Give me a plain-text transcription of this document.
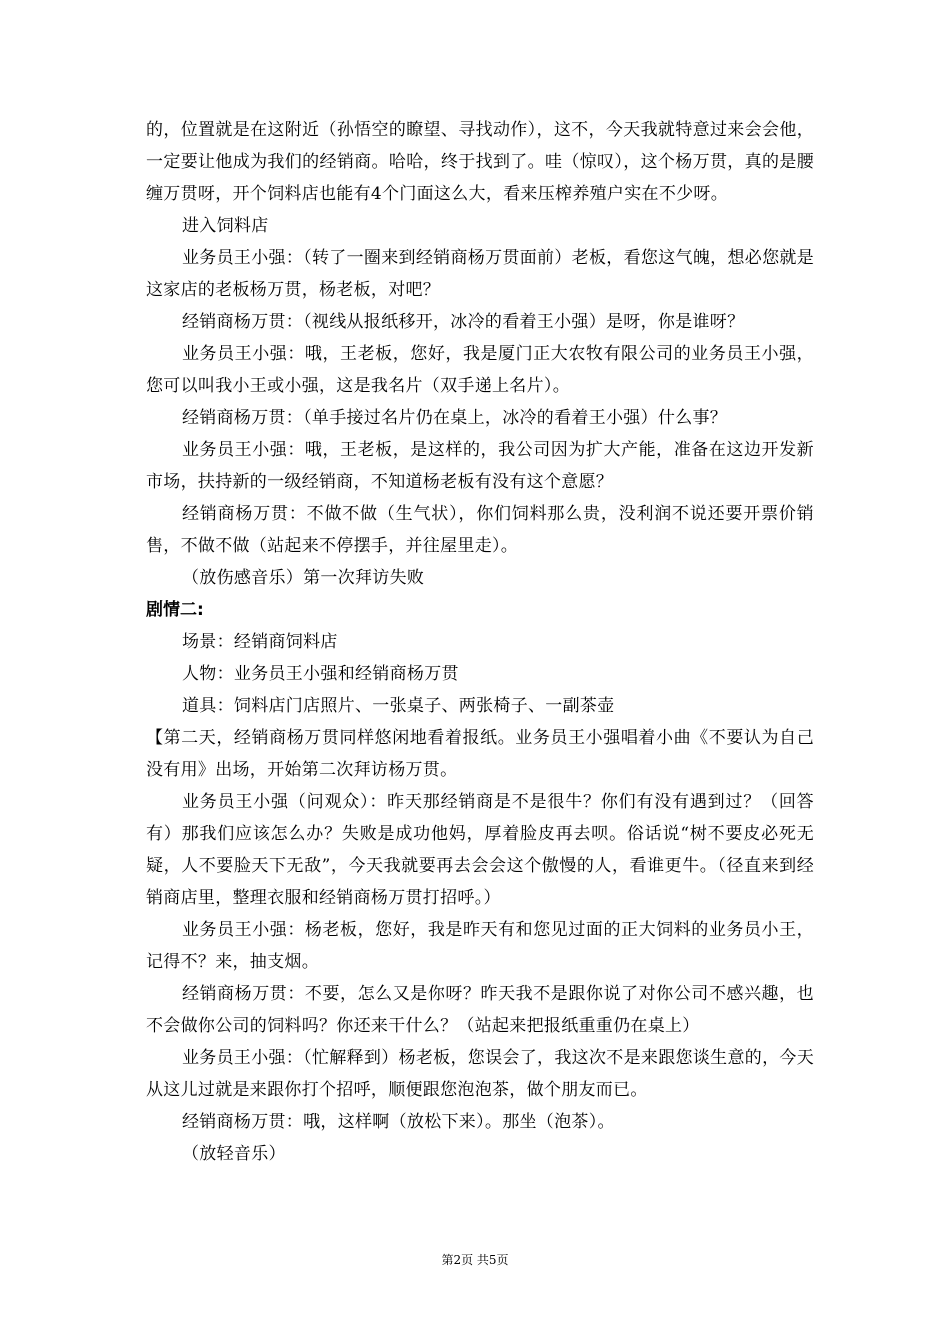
的，位置就是在这附近（孙悟空的瞭望、寻找动作），这不，今天我就特意过来会会他，一定要让他成为我们的经销商。哈哈，终于找到了。哇（惊叹），这个杨万贯，真的是腰缠万贯呀，开个饲料店也能有4个门面这么大，看来压榨养殖户实在不少呀。

进入饲料店

业务员王小强：（转了一圈来到经销商杨万贯面前）老板，看您这气魄，想必您就是这家店的老板杨万贯，杨老板，对吧？

经销商杨万贯：（视线从报纸移开，冰冷的看着王小强）是呀，你是谁呀？

业务员王小强：哦，王老板，您好，我是厦门正大农牧有限公司的业务员王小强，您可以叫我小王或小强，这是我名片（双手递上名片）。

经销商杨万贯：（单手接过名片仍在桌上，冰冷的看着王小强）什么事？

业务员王小强：哦，王老板，是这样的，我公司因为扩大产能，准备在这边开发新市场，扶持新的一级经销商，不知道杨老板有没有这个意愿？

经销商杨万贯：不做不做（生气状），你们饲料那么贵，没利润不说还要开票价销售，不做不做（站起来不停摆手，并往屋里走）。

（放伤感音乐）第一次拜访失败

剧情二:

场景：经销商饲料店

人物：业务员王小强和经销商杨万贯

道具：饲料店门店照片、一张桌子、两张椅子、一副茶壶

【第二天，经销商杨万贯同样悠闲地看着报纸。业务员王小强唱着小曲《不要认为自己没有用》出场，开始第二次拜访杨万贯。

业务员王小强（问观众）：昨天那经销商是不是很牛？你们有没有遇到过？（回答有）那我们应该怎么办？失败是成功他妈，厚着脸皮再去呗。俗话说“树不要皮必死无疑，人不要脸天下无敌”，今天我就要再去会会这个傲慢的人，看谁更牛。（径直来到经销商店里，整理衣服和经销商杨万贯打招呼。）

业务员王小强：杨老板，您好，我是昨天有和您见过面的正大饲料的业务员小王，记得不？来，抽支烟。

经销商杨万贯：不要，怎么又是你呀？昨天我不是跟你说了对你公司不感兴趣，也不会做你公司的饲料吗？你还来干什么？（站起来把报纸重重仍在桌上）

业务员王小强：（忙解释到）杨老板，您误会了，我这次不是来跟您谈生意的，今天从这儿过就是来跟你打个招呼，顺便跟您泡泡茶，做个朋友而已。

经销商杨万贯：哦，这样啊（放松下来）。那坐（泡茶）。

（放轻音乐）

第2页 共5页
